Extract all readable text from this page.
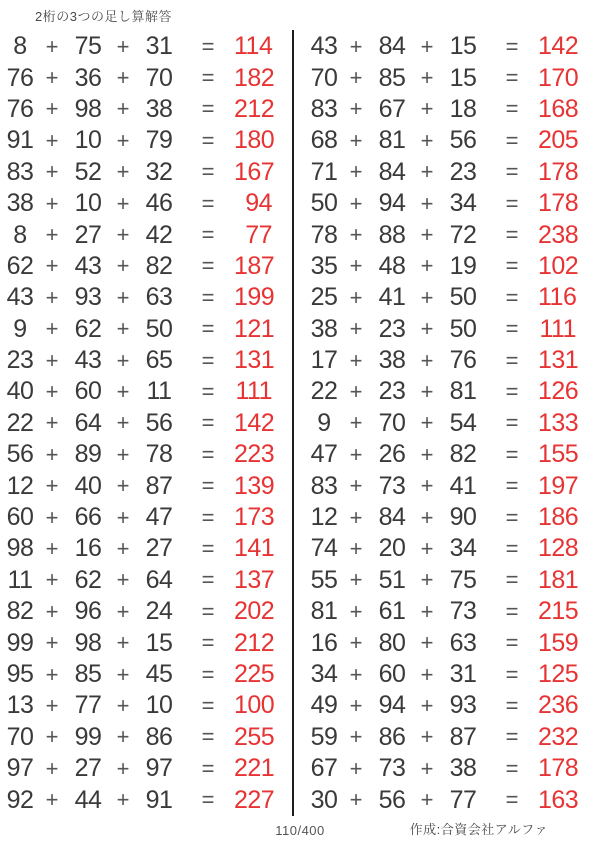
2桁の3つの足し算解答
8 + 75 + 31	= 114
76 + 36 + 70	= 182
76 + 98 + 38	= 212
91 + 10 + 79	= 180
83 + 52 + 32	= 167
38 + 10 + 46	=	94
8 + 27 + 42	=	77
62 + 43 + 82	= 187
43 + 93 + 63	= 199
9 + 62 + 50	= 121
23 + 43 + 65	= 131
40 + 60 + 11	= 111
22 + 64 + 56	= 142
56 + 89 + 78	= 223
12 + 40 + 87	= 139
60 + 66 + 47	= 173
98 + 16 + 27	= 141
11 + 62 + 64	= 137
82 + 96 + 24	= 202
99 + 98 + 15	= 212
95 + 85 + 45	= 225
13 + 77 + 10	= 100
70 + 99 + 86	= 255
97 + 27 + 97	= 221
92 + 44 + 91	= 227
43 + 84 + 15	= 142
70 + 85 + 15	= 170
83 + 67 + 18	= 168
68 + 81 + 56	= 205
71 + 84 + 23	= 178
50 + 94 + 34	= 178
78 + 88 + 72	= 238
35 + 48 + 19	= 102
25 + 41 + 50	= 116
38 + 23 + 50	= 111
17 + 38 + 76	= 131
22 + 23 + 81	= 126
9 + 70 + 54	= 133
47 + 26 + 82	= 155
83 + 73 + 41	= 197
12 + 84 + 90	= 186
74 + 20 + 34	= 128
55 + 51 + 75	= 181
81 + 61 + 73	= 215
16 + 80 + 63	= 159
34 + 60 + 31	= 125
49 + 94 + 93	= 236
59 + 86 + 87	= 232
67 + 73 + 38	= 178
30 + 56 + 77	= 163
110/400	作成:合資会社アルファ
